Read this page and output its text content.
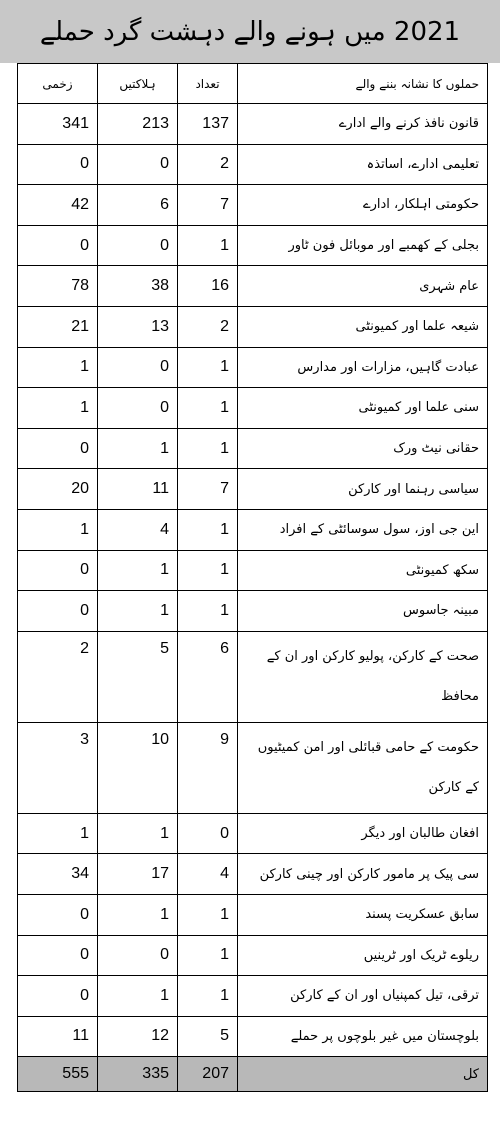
2021 میں ہونے والے دہشت گرد حملے
زخمی	ہلاکتیں	تعداد	حملوں کا نشانہ بننے والے
341	213	137	قانون نافذ کرنے والے ادارے
0	0	2	تعلیمی ادارے، اساتذہ
42	6	7	حکومتی اہلکار، ادارے
0	0	1	بجلی کے کھمبے اور موبائل فون ٹاور
78	38	16	عام شہری
21	13	2	شیعہ علما اور کمیونٹی
1	0	1	عبادت گاہیں، مزارات اور مدارس
1	0	1	سنی علما اور کمیونٹی
0	1	1	حقانی نیٹ ورک
20	11	7	سیاسی رہنما اور کارکن
1	4	1	این جی اوز، سول سوسائٹی کے افراد
0	1	1	سکھ کمیونٹی
0	1	1	مبینہ جاسوس
2	5	6	صحت کے کارکن، پولیو کارکن اور ان کے محافظ
3	10	9	حکومت کے حامی قبائلی اور امن کمیٹیوں کے کارکن
1	1	0	افغان طالبان اور دیگر
34	17	4	سی پیک پر مامور کارکن اور چینی کارکن
0	1	1	سابق عسکریت پسند
0	0	1	ریلوے ٹریک اور ٹرینیں
0	1	1	ترقی، تیل کمپنیاں اور ان کے کارکن
11	12	5	بلوچستان میں غیر بلوچوں پر حملے
555	335	207	کل
